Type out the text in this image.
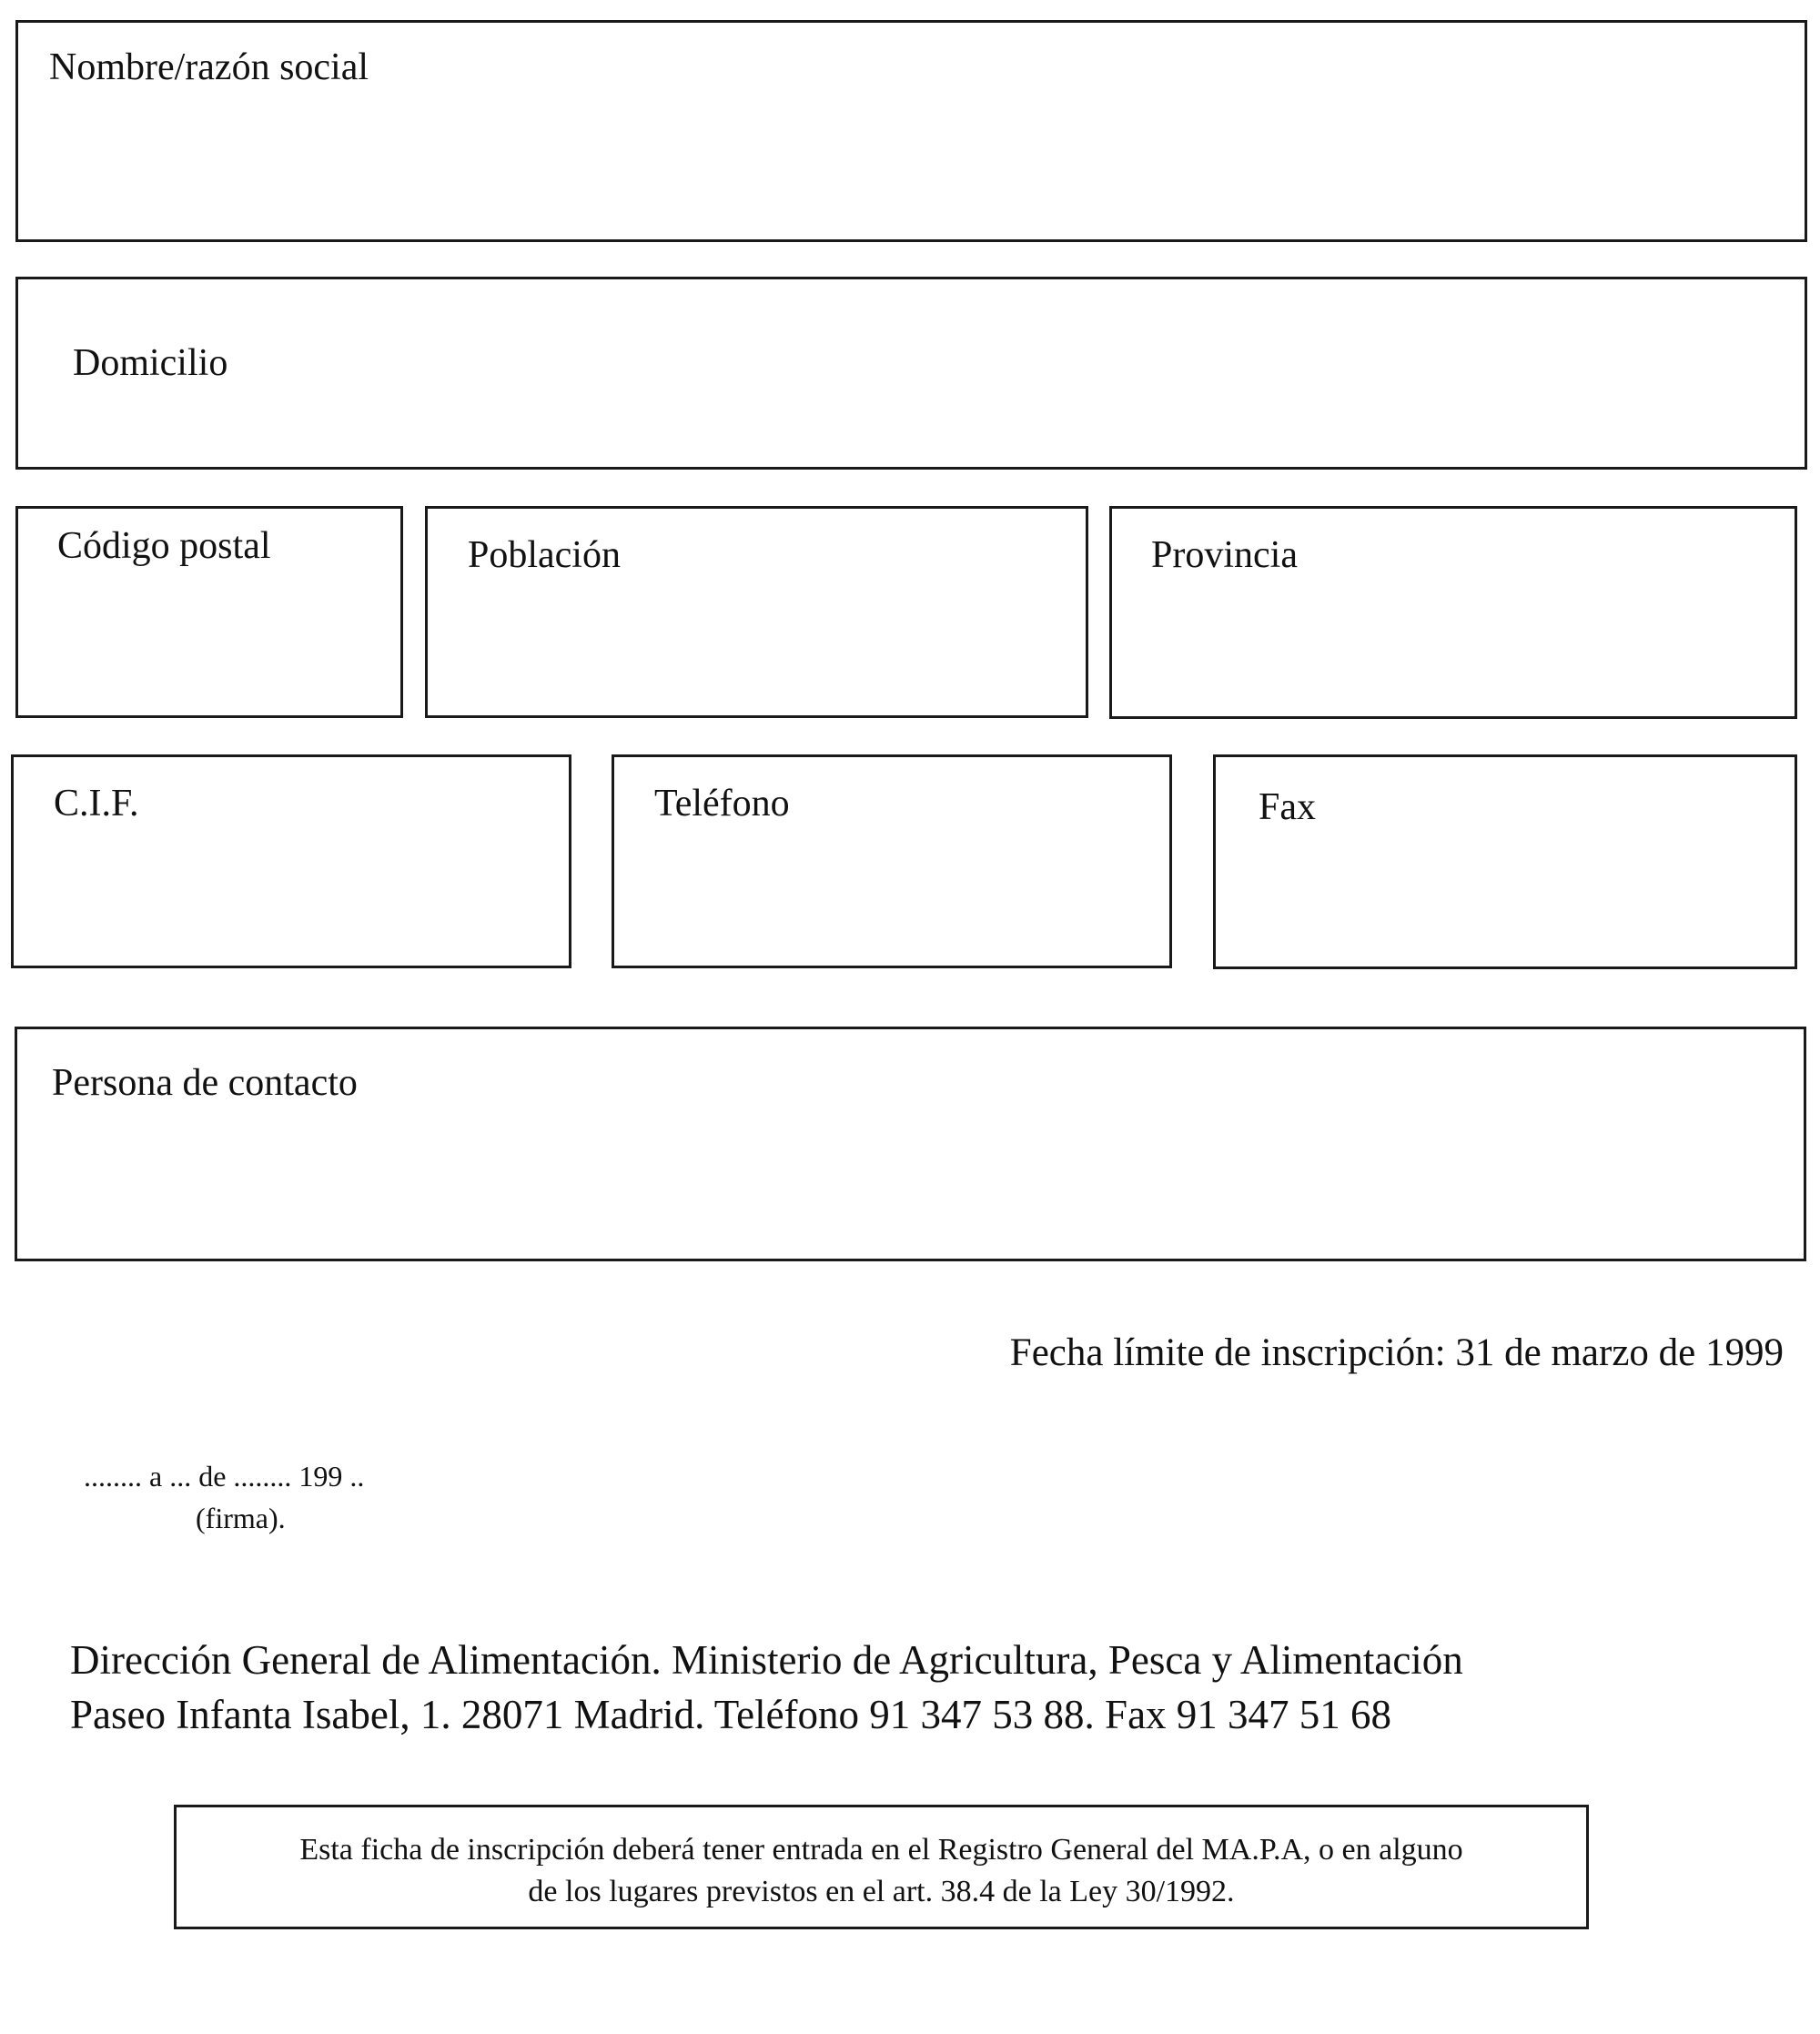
Nombre/razón social
Domicilio
Código postal	Población	Provincia
C.I.F.	Teléfono	Fax
Persona de contacto
Fecha límite de inscripción: 31 de marzo de 1999
........ a ... de ........ 199 ..
(firma).
Dirección General de Alimentación. Ministerio de Agricultura, Pesca y Alimentación
Paseo Infanta Isabel, 1. 28071 Madrid. Teléfono 91 347 53 88. Fax 91 347 51 68
Esta ficha de inscripción deberá tener entrada en el Registro General del MA.P.A, o en alguno
de los lugares previstos en el art. 38.4 de la Ley 30/1992.
